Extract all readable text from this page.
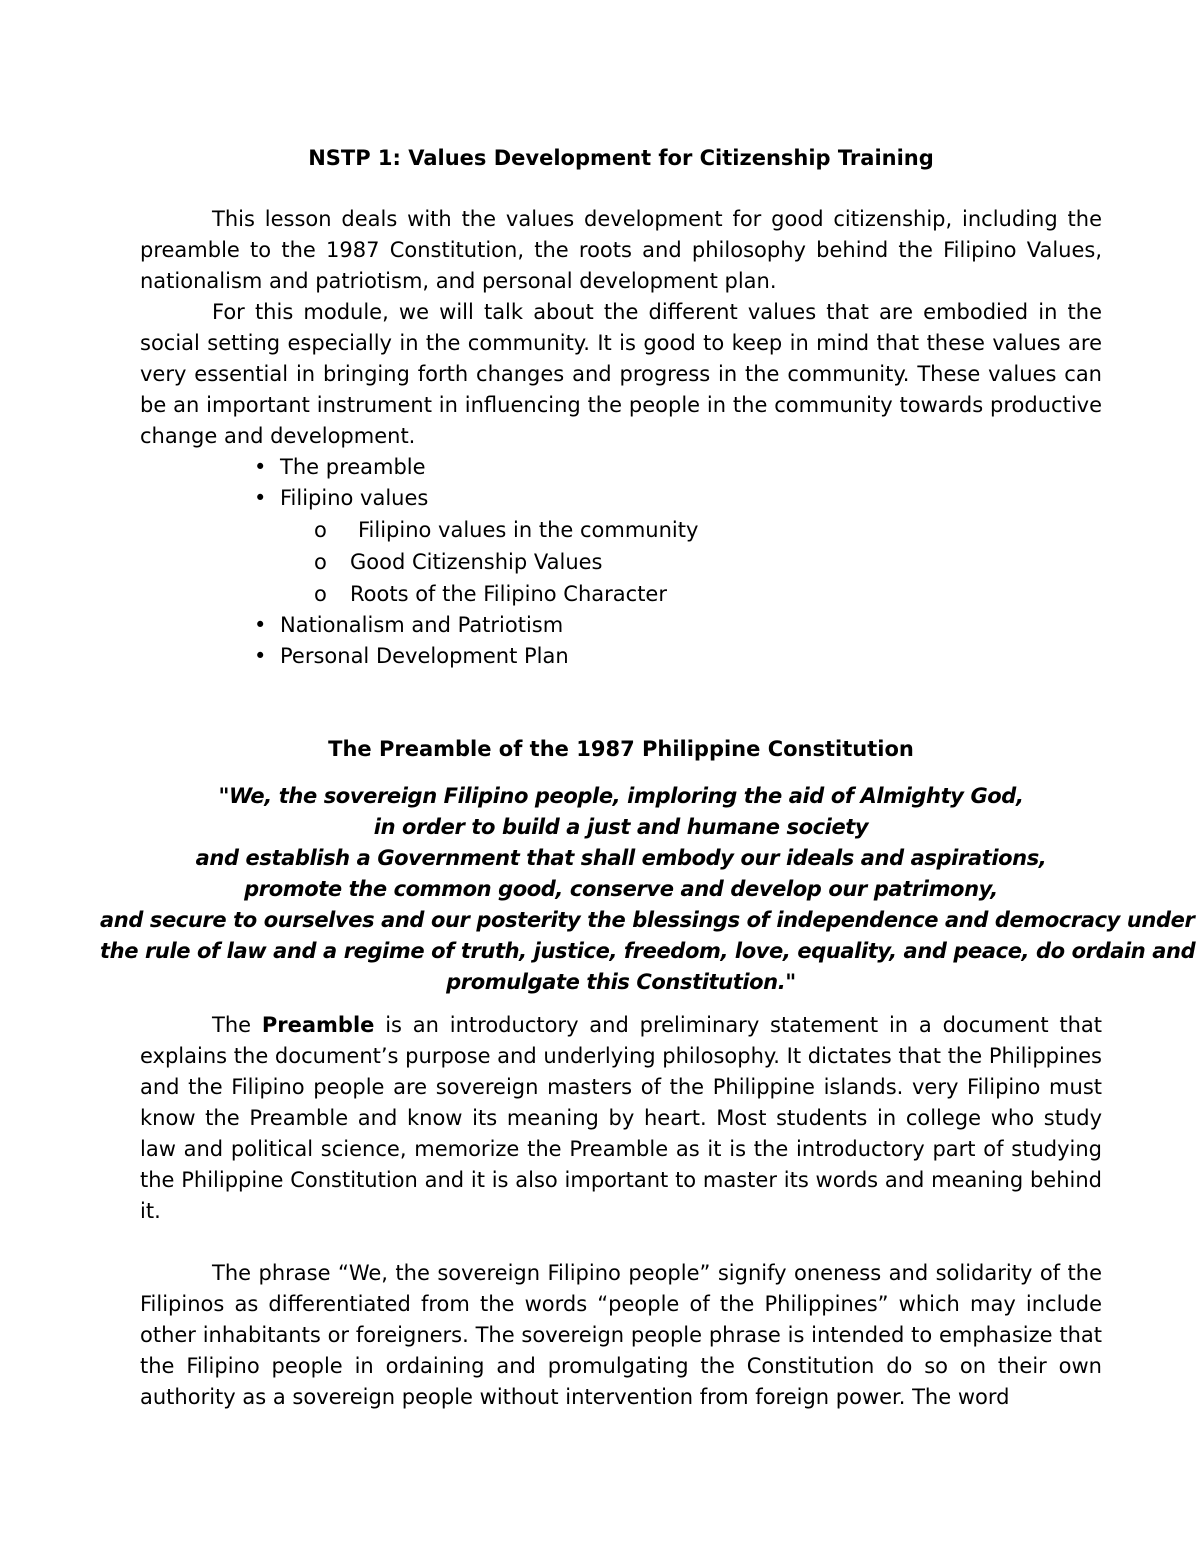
NSTP 1: Values Development for Citizenship Training

This lesson deals with the values development for good citizenship, including the preamble to the 1987 Constitution, the roots and philosophy behind the Filipino Values, nationalism and patriotism, and personal development plan.

For this module, we will talk about the different values that are embodied in the social setting especially in the community. It is good to keep in mind that these values are very essential in bringing forth changes and progress in the community. These values can be an important instrument in influencing the people in the community towards productive change and development.

• The preamble
• Filipino values
o Filipino values in the community
o Good Citizenship Values
o Roots of the Filipino Character
• Nationalism and Patriotism
• Personal Development Plan
The Preamble of the 1987 Philippine Constitution
"We, the sovereign Filipino people, imploring the aid of Almighty God,
in order to build a just and humane society
and establish a Government that shall embody our ideals and aspirations,
promote the common good, conserve and develop our patrimony,
and secure to ourselves and our posterity the blessings of independence and democracy under
the rule of law and a regime of truth, justice, freedom, love, equality, and peace, do ordain and
promulgate this Constitution."

The Preamble is an introductory and preliminary statement in a document that explains the document’s purpose and underlying philosophy. It dictates that the Philippines and the Filipino people are sovereign masters of the Philippine islands. very Filipino must know the Preamble and know its meaning by heart. Most students in college who study law and political science, memorize the Preamble as it is the introductory part of studying the Philippine Constitution and it is also important to master its words and meaning behind it.

The phrase “We, the sovereign Filipino people” signify oneness and solidarity of the Filipinos as differentiated from the words “people of the Philippines” which may include other inhabitants or foreigners. The sovereign people phrase is intended to emphasize that the Filipino people in ordaining and promulgating the Constitution do so on their own authority as a sovereign people without intervention from foreign power. The word
